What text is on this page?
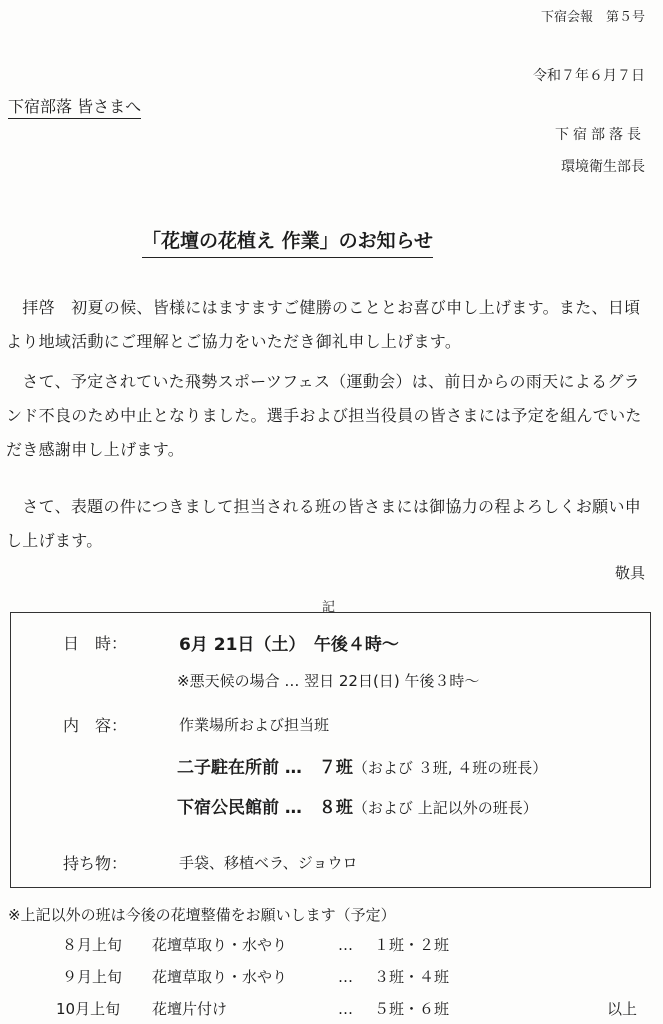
下宿会報　第５号
令和７年６月７日
下宿部落 皆さまへ
下宿部落長
環境衛生部長
「花壇の花植え 作業」のお知らせ
　拝啓　初夏の候、皆様にはますますご健勝のこととお喜び申し上げます。また、日頃より地域活動にご理解とご協力をいただき御礼申し上げます。
　さて、予定されていた飛勢スポーツフェス（運動会）は、前日からの雨天によるグランド不良のため中止となりました。選手および担当役員の皆さまには予定を組んでいただき感謝申し上げます。
　さて、表題の件につきまして担当される班の皆さまには御協力の程よろしくお願い申し上げます。
敬具
記
日　時：	6月 21日（土）　午後４時～
※悪天候の場合 … 翌日 22日(日) 午後３時～
内　容：	作業場所および担当班
二子駐在所前 …　７班（および ３班, ４班の班長）
下宿公民館前 …　８班（および 上記以外の班長）
持ち物：	手袋、移植ベラ、ジョウロ
※上記以外の班は今後の花壇整備をお願いします（予定）
８月上旬 花壇草取り・水やり	… １班・２班
９月上旬 花壇草取り・水やり	… ３班・４班
10月上旬 花壇片付け	… ５班・６班	以上
